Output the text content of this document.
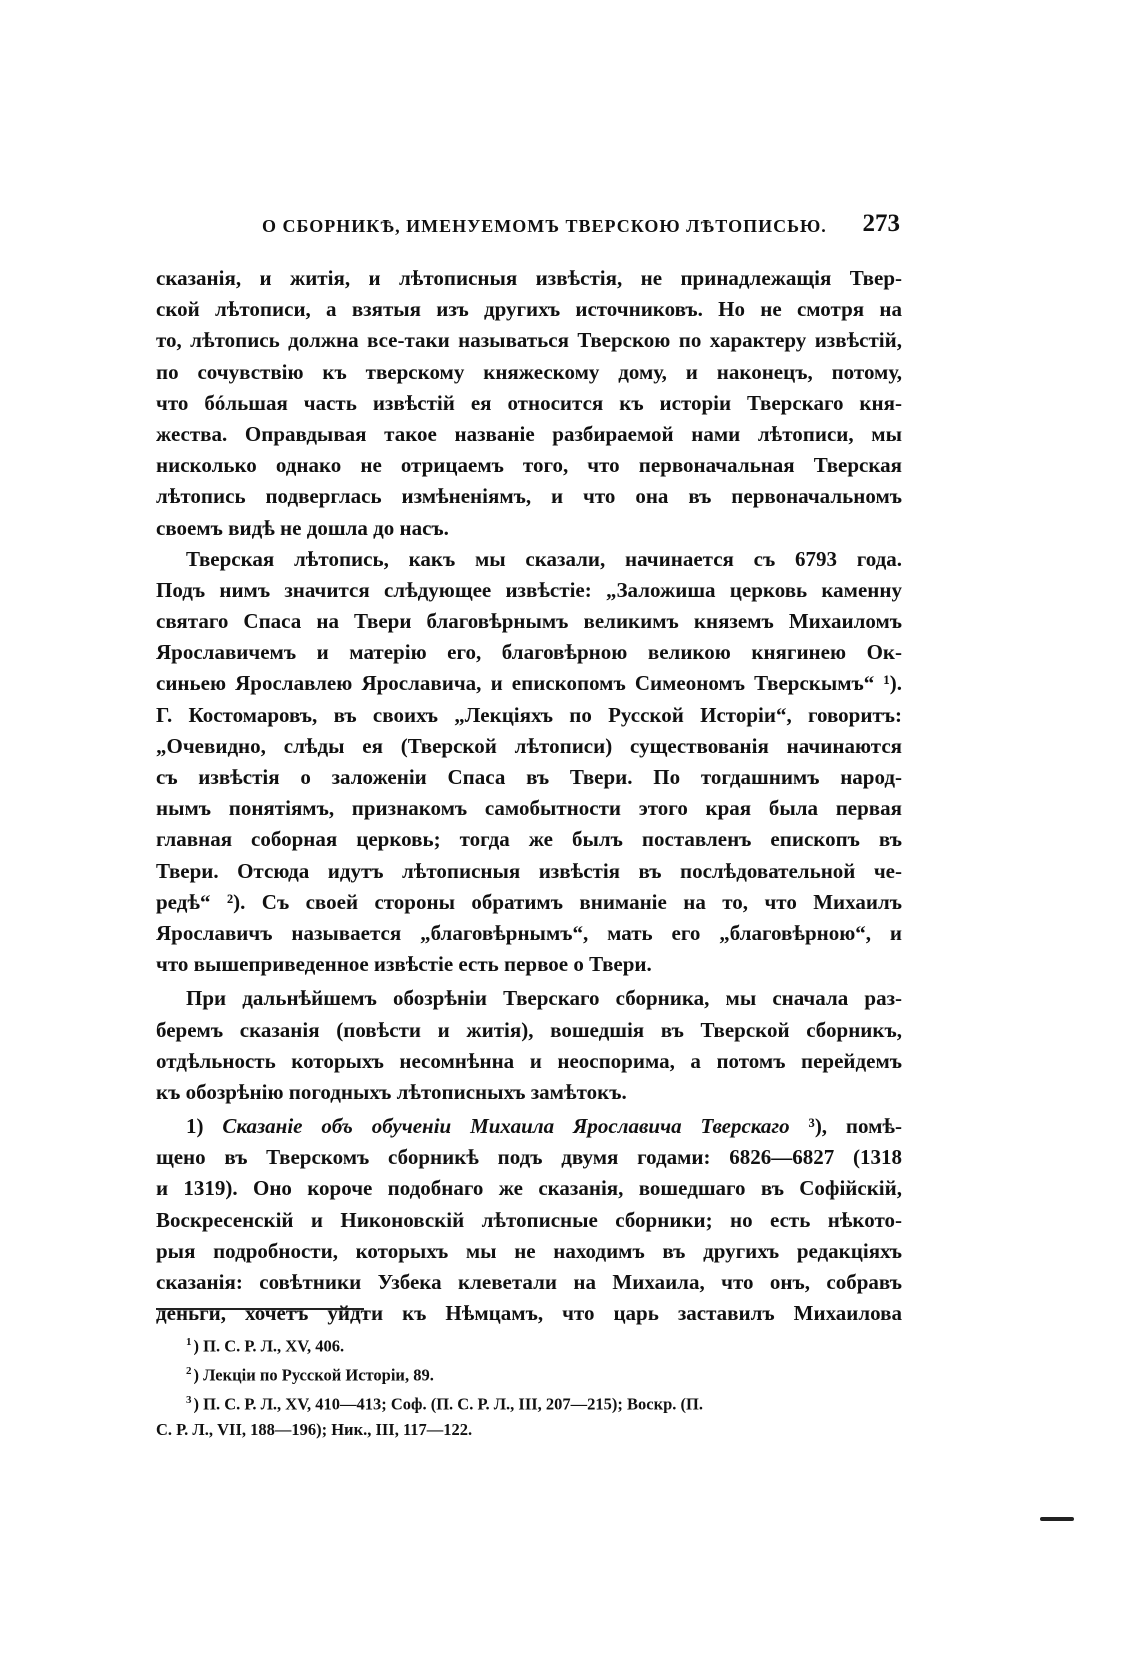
О СБОРНИКѢ, ИМЕНУЕМОМЪ ТВЕРСКОЮ ЛѢТОПИСЬЮ. 273
сказанія, и житія, и лѣтописныя извѣстія, не принадлежащія Твер-
ской лѣтописи, а взятыя изъ другихъ источниковъ. Но не смотря на
то, лѣтопись должна все-таки называться Тверскою по характеру извѣстій,
по сочувствію къ тверскому княжескому дому, и наконецъ, потому,
что бóльшая часть извѣстій ея относится къ исторіи Тверскаго кня-
жества. Оправдывая такое названіе разбираемой нами лѣтописи, мы
нисколько однако не отрицаемъ того, что первоначальная Тверская
лѣтопись подверглась измѣненіямъ, и что она въ первоначальномъ
своемъ видѣ не дошла до насъ.
Тверская лѣтопись, какъ мы сказали, начинается съ 6793 года.
Подъ нимъ значится слѣдующее извѣстіе: „Заложиша церковь каменну
святаго Спаса на Твери благовѣрнымъ великимъ княземъ Михаиломъ
Ярославичемъ и матерію его, благовѣрною великою княгинею Ок-
синьею Ярославлею Ярославича, и епископомъ Симеономъ Тверскымъ“ ¹).
Г. Костомаровъ, въ своихъ „Лекціяхъ по Русской Исторіи“, говоритъ:
„Очевидно, слѣды ея (Тверской лѣтописи) существованія начинаются
съ извѣстія о заложеніи Спаса въ Твери. По тогдашнимъ народ-
нымъ понятіямъ, признакомъ самобытности этого края была первая
главная соборная церковь; тогда же былъ поставленъ епископъ въ
Твери. Отсюда идутъ лѣтописныя извѣстія въ послѣдовательной че-
редѣ“ ²). Съ своей стороны обратимъ вниманіе на то, что Михаилъ
Ярославичъ называется „благовѣрнымъ“, мать его „благовѣрною“, и
что вышеприведенное извѣстіе есть первое о Твери.
При дальнѣйшемъ обозрѣніи Тверскаго сборника, мы сначала раз-
беремъ сказанія (повѣсти и житія), вошедшія въ Тверской сборникъ,
отдѣльность которыхъ несомнѣнна и неоспорима, а потомъ перейдемъ
къ обозрѣнію погодныхъ лѣтописныхъ замѣтокъ.
1) Сказаніе объ обученіи Михаила Ярославича Тверскаго ³), помѣ-
щено въ Тверскомъ сборникѣ подъ двумя годами: 6826—6827 (1318
и 1319). Оно короче подобнаго же сказанія, вошедшаго въ Софійскій,
Воскресенскій и Никоновскій лѣтописные сборники; но есть нѣкото-
рыя подробности, которыхъ мы не находимъ въ другихъ редакціяхъ
сказанія: совѣтники Узбека клеветали на Михаила, что онъ, собравъ
деньги, хочетъ уйдти къ Нѣмцамъ, что царь заставилъ Михаилова
$^1$ ) П. С. Р. Л., XV, 406.
$^2$ ) Лекціи по Русской Исторіи, 89.
$^3$ ) П. С. Р. Л., XV, 410—413; Соф. (П. С. Р. Л., III, 207—215); Воскр. (П.
С. Р. Л., VII, 188—196); Ник., III, 117—122.
